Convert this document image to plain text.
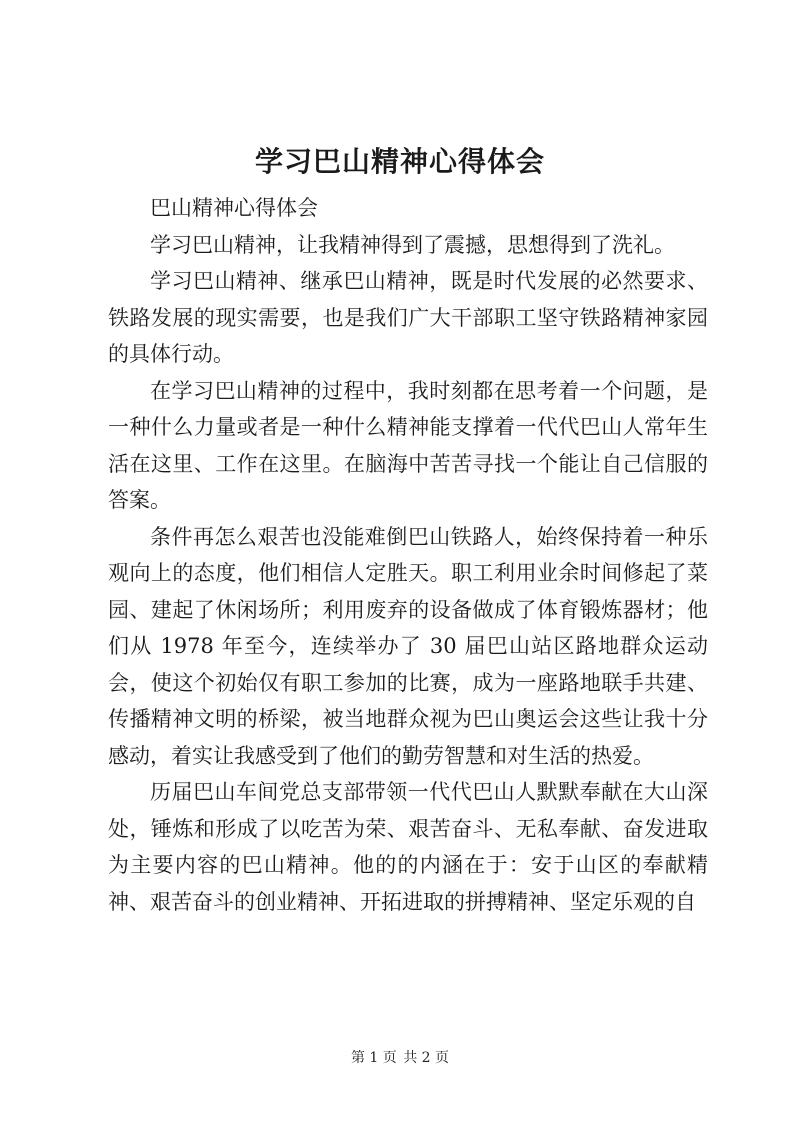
学习巴山精神心得体会

巴山精神心得体会

学习巴山精神，让我精神得到了震撼，思想得到了洗礼。

学习巴山精神、继承巴山精神，既是时代发展的必然要求、铁路发展的现实需要，也是我们广大干部职工坚守铁路精神家园的具体行动。

在学习巴山精神的过程中，我时刻都在思考着一个问题，是一种什么力量或者是一种什么精神能支撑着一代代巴山人常年生活在这里、工作在这里。在脑海中苦苦寻找一个能让自己信服的答案。

条件再怎么艰苦也没能难倒巴山铁路人，始终保持着一种乐观向上的态度，他们相信人定胜天。职工利用业余时间修起了菜园、建起了休闲场所；利用废弃的设备做成了体育锻炼器材；他们从 1978 年至今，连续举办了 30 届巴山站区路地群众运动会，使这个初始仅有职工参加的比赛，成为一座路地联手共建、传播精神文明的桥梁，被当地群众视为巴山奥运会这些让我十分感动，着实让我感受到了他们的勤劳智慧和对生活的热爱。

历届巴山车间党总支部带领一代代巴山人默默奉献在大山深处，锤炼和形成了以吃苦为荣、艰苦奋斗、无私奉献、奋发进取为主要内容的巴山精神。他的的内涵在于：安于山区的奉献精神、艰苦奋斗的创业精神、开拓进取的拼搏精神、坚定乐观的自

第 1 页 共 2 页
